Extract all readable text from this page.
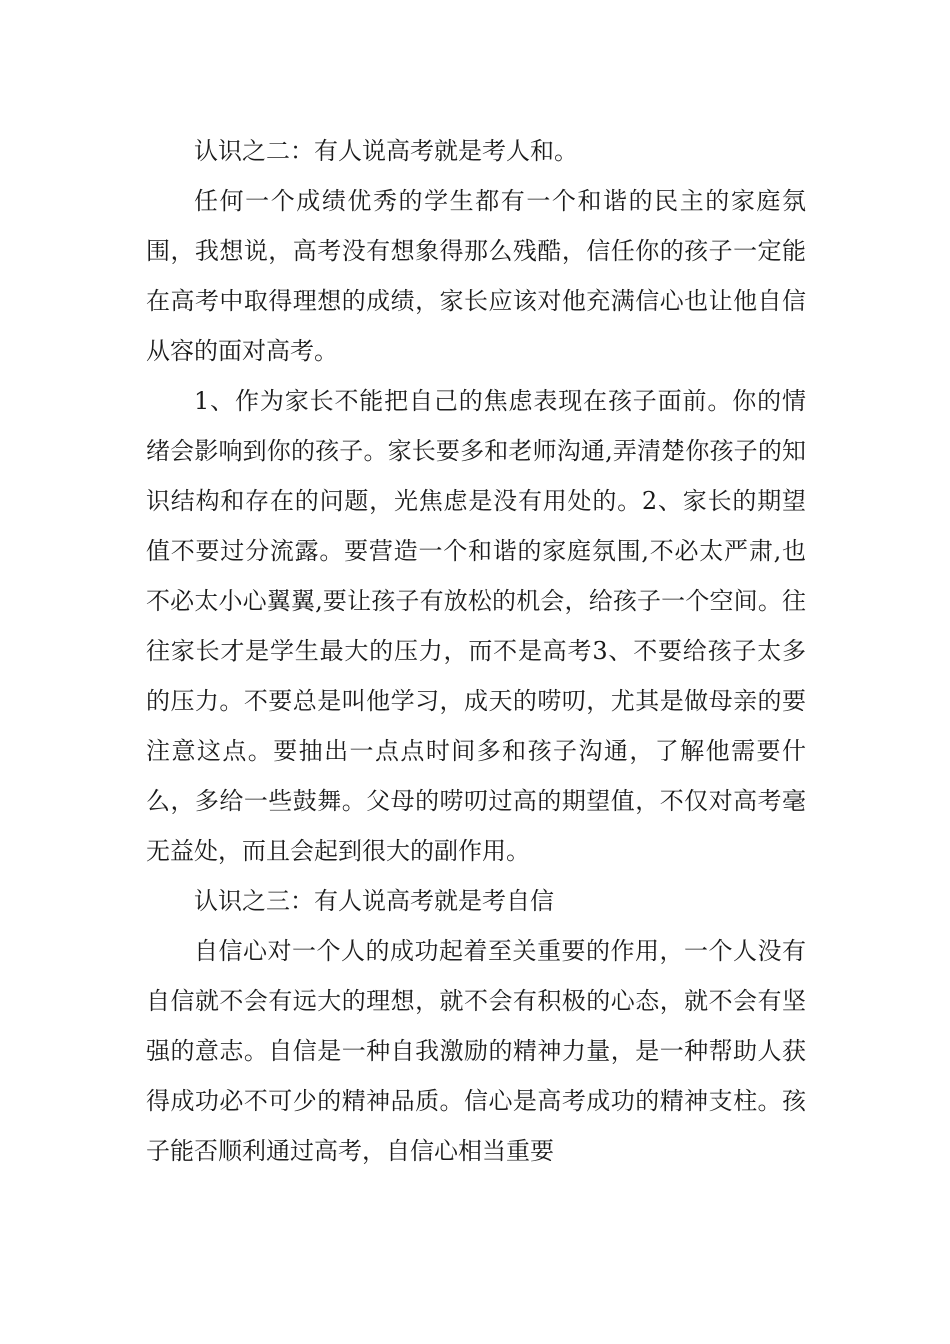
认识之二：有人说高考就是考人和。

任何一个成绩优秀的学生都有一个和谐的民主的家庭氛围，我想说，高考没有想象得那么残酷，信任你的孩子一定能在高考中取得理想的成绩，家长应该对他充满信心也让他自信从容的面对高考。

1、作为家长不能把自己的焦虑表现在孩子面前。你的情绪会影响到你的孩子。家长要多和老师沟通,弄清楚你孩子的知识结构和存在的问题，光焦虑是没有用处的。2、家长的期望值不要过分流露。要营造一个和谐的家庭氛围,不必太严肃,也不必太小心翼翼,要让孩子有放松的机会，给孩子一个空间。往往家长才是学生最大的压力，而不是高考3、不要给孩子太多的压力。不要总是叫他学习，成天的唠叨，尤其是做母亲的要注意这点。要抽出一点点时间多和孩子沟通，了解他需要什么，多给一些鼓舞。父母的唠叨过高的期望值，不仅对高考毫无益处，而且会起到很大的副作用。

认识之三：有人说高考就是考自信

自信心对一个人的成功起着至关重要的作用，一个人没有自信就不会有远大的理想，就不会有积极的心态，就不会有坚强的意志。自信是一种自我激励的精神力量，是一种帮助人获得成功必不可少的精神品质。信心是高考成功的精神支柱。孩子能否顺利通过高考，自信心相当重要
